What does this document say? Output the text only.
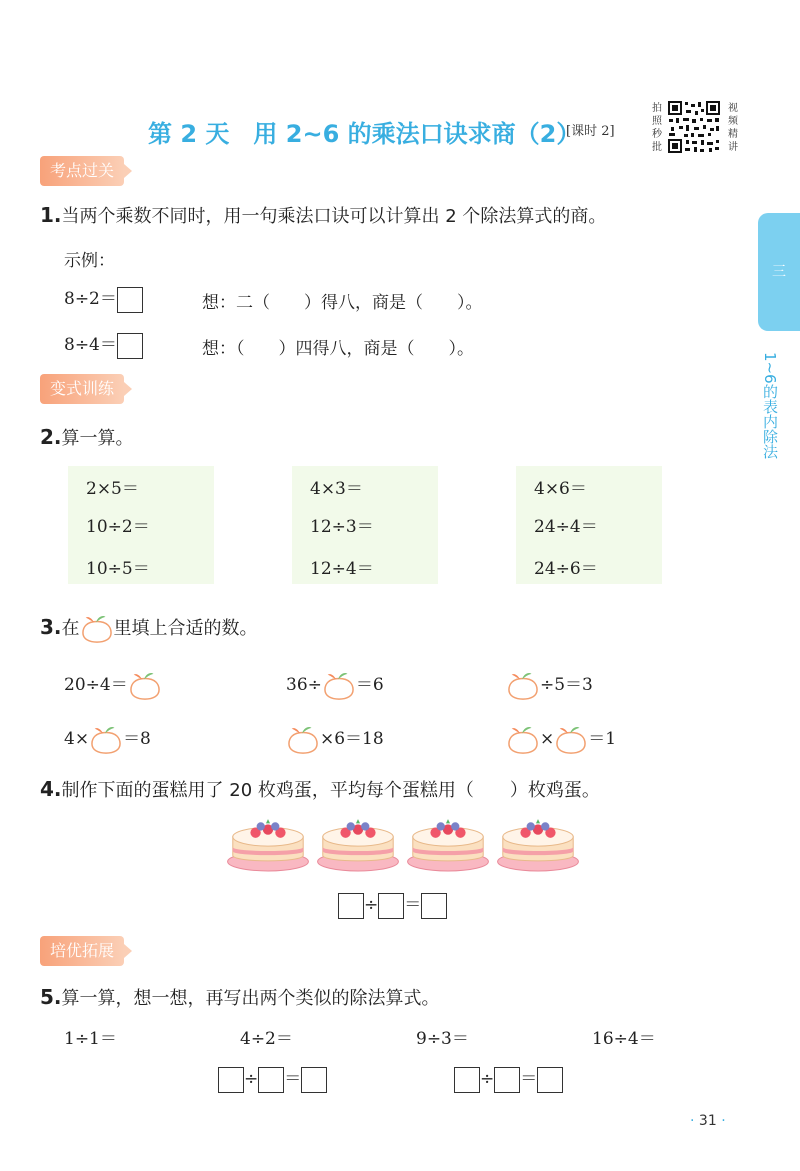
第 2 天　用 2~6 的乘法口诀求商（2）
[课时 2]
拍照秒批
视频精讲
三
1~6的表内除法
考点过关
1.当两个乘数不同时，用一句乘法口诀可以计算出 2 个除法算式的商。
示例：
8÷2＝	想：二（　　）得八，商是（　　）。
8÷4＝	想：（　　）四得八，商是（　　）。
变式训练
2.算一算。
2×5＝
10÷2＝
10÷5＝
4×3＝
12÷3＝
12÷4＝
4×6＝
24÷4＝
24÷6＝
3.在 里填上合适的数。
20÷4＝	36÷ ＝6	÷5＝3
4× ＝8	×6＝18	× ＝1
4.制作下面的蛋糕用了 20 枚鸡蛋，平均每个蛋糕用（　　）枚鸡蛋。
÷ ＝
培优拓展
5.算一算，想一想，再写出两个类似的除法算式。
1÷1＝	4÷2＝	9÷3＝	16÷4＝
÷ ＝	÷ ＝
· 31 ·
